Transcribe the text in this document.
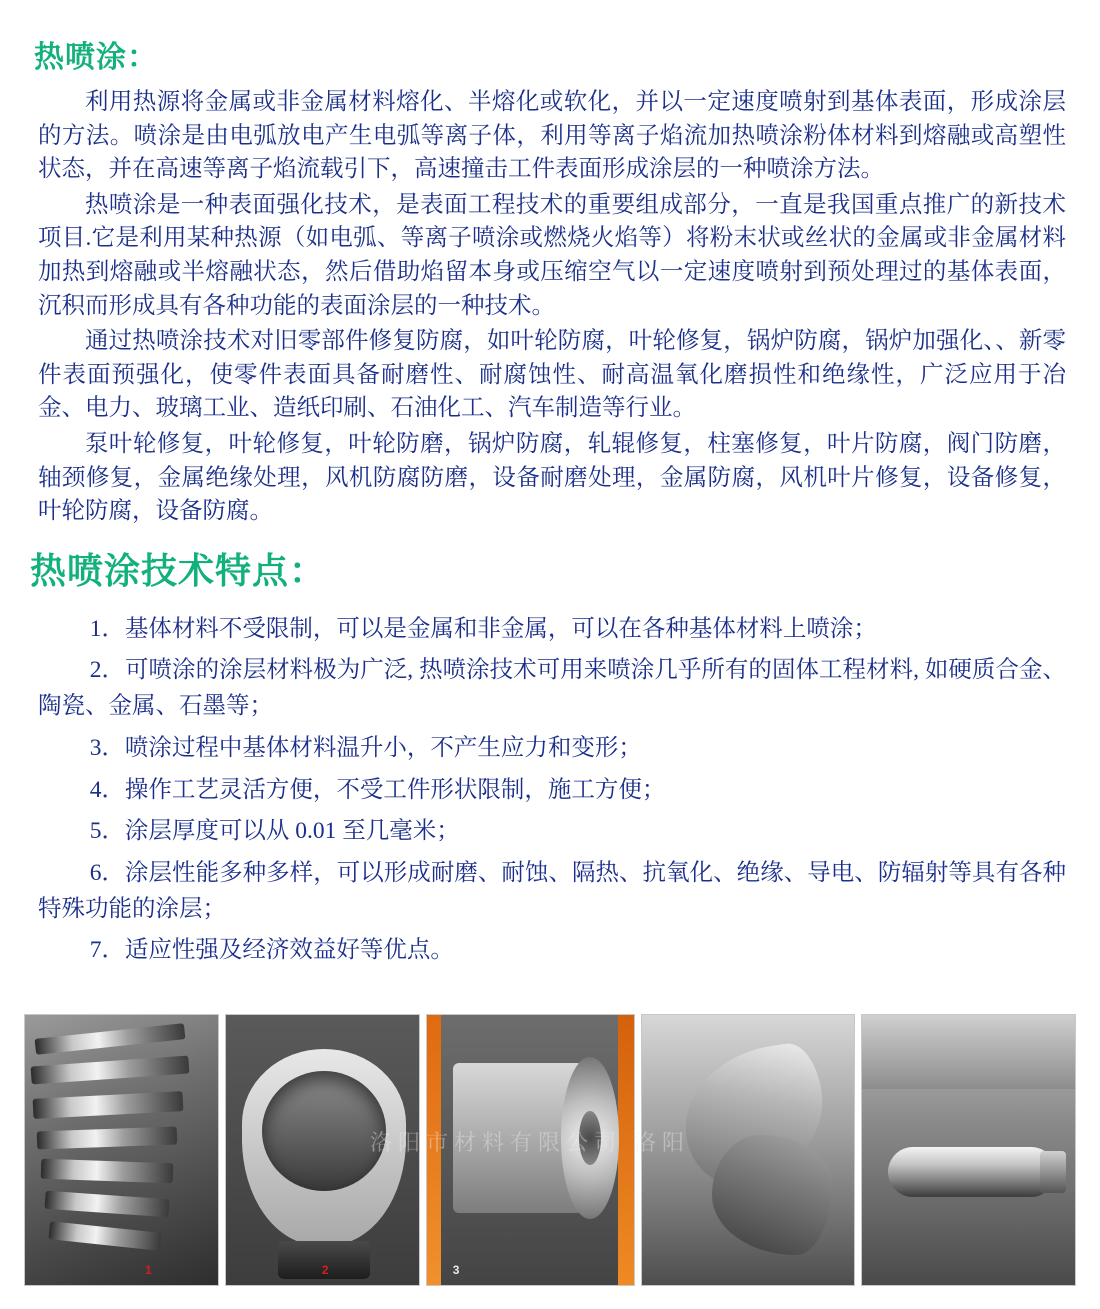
热喷涂：

利用热源将金属或非金属材料熔化、半熔化或软化，并以一定速度喷射到基体表面，形成涂层的方法。喷涂是由电弧放电产生电弧等离子体，利用等离子焰流加热喷涂粉体材料到熔融或高塑性状态，并在高速等离子焰流载引下，高速撞击工件表面形成涂层的一种喷涂方法。

热喷涂是一种表面强化技术，是表面工程技术的重要组成部分，一直是我国重点推广的新技术项目.它是利用某种热源（如电弧、等离子喷涂或燃烧火焰等）将粉末状或丝状的金属或非金属材料加热到熔融或半熔融状态，然后借助焰留本身或压缩空气以一定速度喷射到预处理过的基体表面，沉积而形成具有各种功能的表面涂层的一种技术。

通过热喷涂技术对旧零部件修复防腐，如叶轮防腐，叶轮修复，锅炉防腐，锅炉加强化、、新零件表面预强化，使零件表面具备耐磨性、耐腐蚀性、耐高温氧化磨损性和绝缘性，广泛应用于冶金、电力、玻璃工业、造纸印刷、石油化工、汽车制造等行业。

泵叶轮修复，叶轮修复，叶轮防磨，锅炉防腐，轧辊修复，柱塞修复，叶片防腐，阀门防磨，轴颈修复，金属绝缘处理，风机防腐防磨，设备耐磨处理，金属防腐，风机叶片修复，设备修复，叶轮防腐，设备防腐。

热喷涂技术特点：
1．基体材料不受限制，可以是金属和非金属，可以在各种基体材料上喷涂；
2．可喷涂的涂层材料极为广泛, 热喷涂技术可用来喷涂几乎所有的固体工程材料, 如硬质合金、陶瓷、金属、石墨等；
3．喷涂过程中基体材料温升小，不产生应力和变形；
4．操作工艺灵活方便，不受工件形状限制，施工方便；
5．涂层厚度可以从 0.01 至几毫米；
6．涂层性能多种多样，可以形成耐磨、耐蚀、隔热、抗氧化、绝缘、导电、防辐射等具有各种特殊功能的涂层；
7．适应性强及经济效益好等优点。
1	2	3
洛阳市材料有限公司 洛阳
